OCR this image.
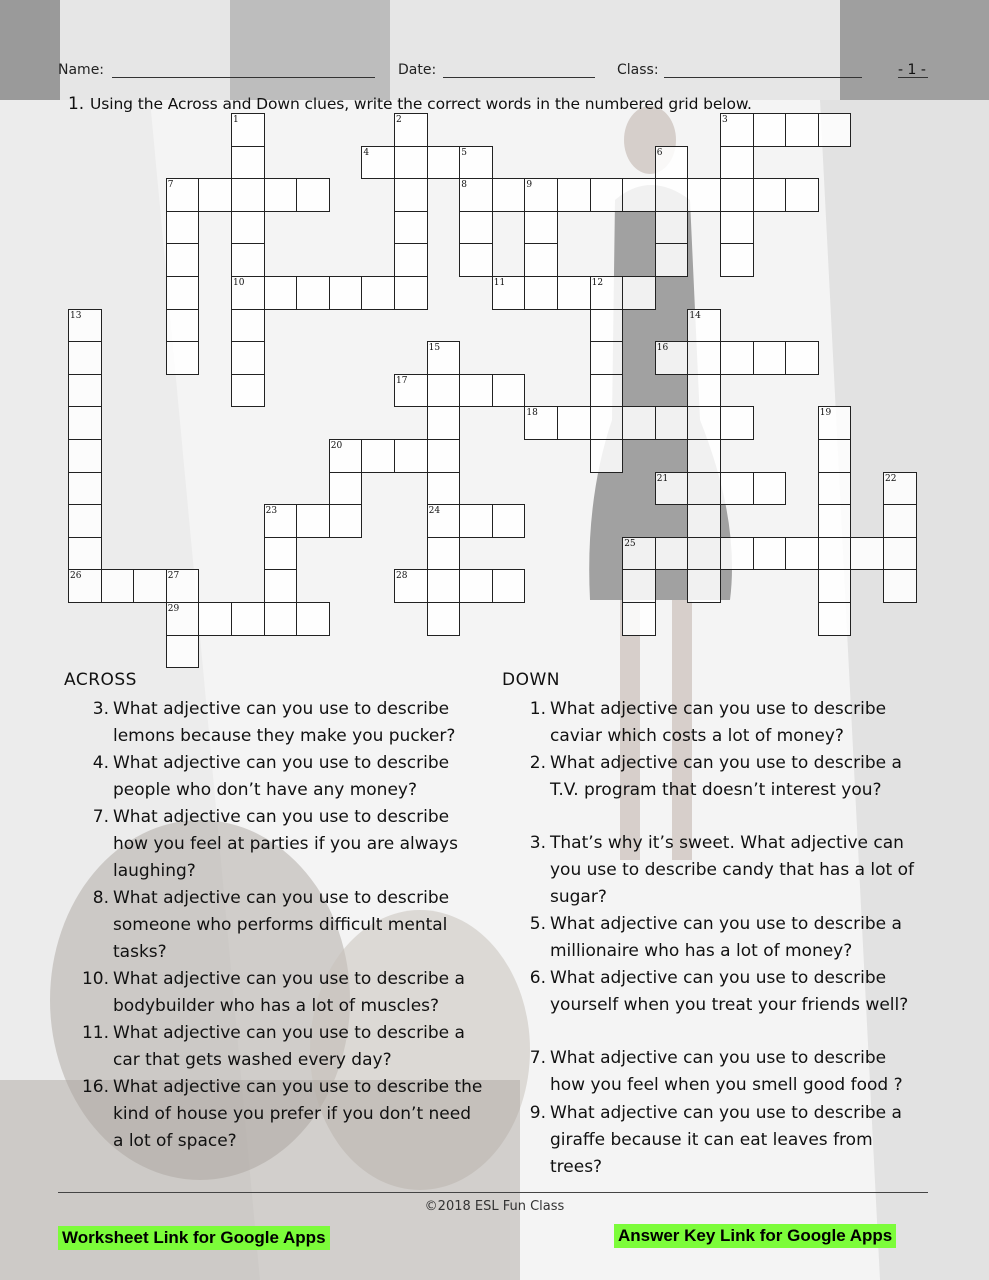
Name:	Date:	Class:	- 1 -
1. Using the Across and Down clues, write the correct words in the numbered grid below.
1	2	3
4	5	6
7	8	9
10	11	12
13	14
15	16
17
18	19
20
21	22
23	24
25
26	27	28
29
ACROSS	DOWN
3. What adjective can you use to describe lemons because they make you pucker?
4. What adjective can you use to describe people who don’t have any money?
7. What adjective can you use to describe how you feel at parties if you are always laughing?
8. What adjective can you use to describe someone who performs difficult mental tasks?
10. What adjective can you use to describe a bodybuilder who has a lot of muscles?
11. What adjective can you use to describe a car that gets washed every day?
16. What adjective can you use to describe the kind of house you prefer if you don’t need a lot of space?
1. What adjective can you use to describe caviar which costs a lot of money?
2. What adjective can you use to describe a T.V. program that doesn’t interest you?
3. That’s why it’s sweet. What adjective can you use to describe candy that has a lot of sugar?
5. What adjective can you use to describe a millionaire who has a lot of money?
6. What adjective can you use to describe yourself when you treat your friends well?
7. What adjective can you use to describe how you feel when you smell good food ?
9. What adjective can you use to describe a giraffe because it can eat leaves from trees?
©2018 ESL Fun Class
Worksheet Link for Google Apps	Answer Key Link for Google Apps
